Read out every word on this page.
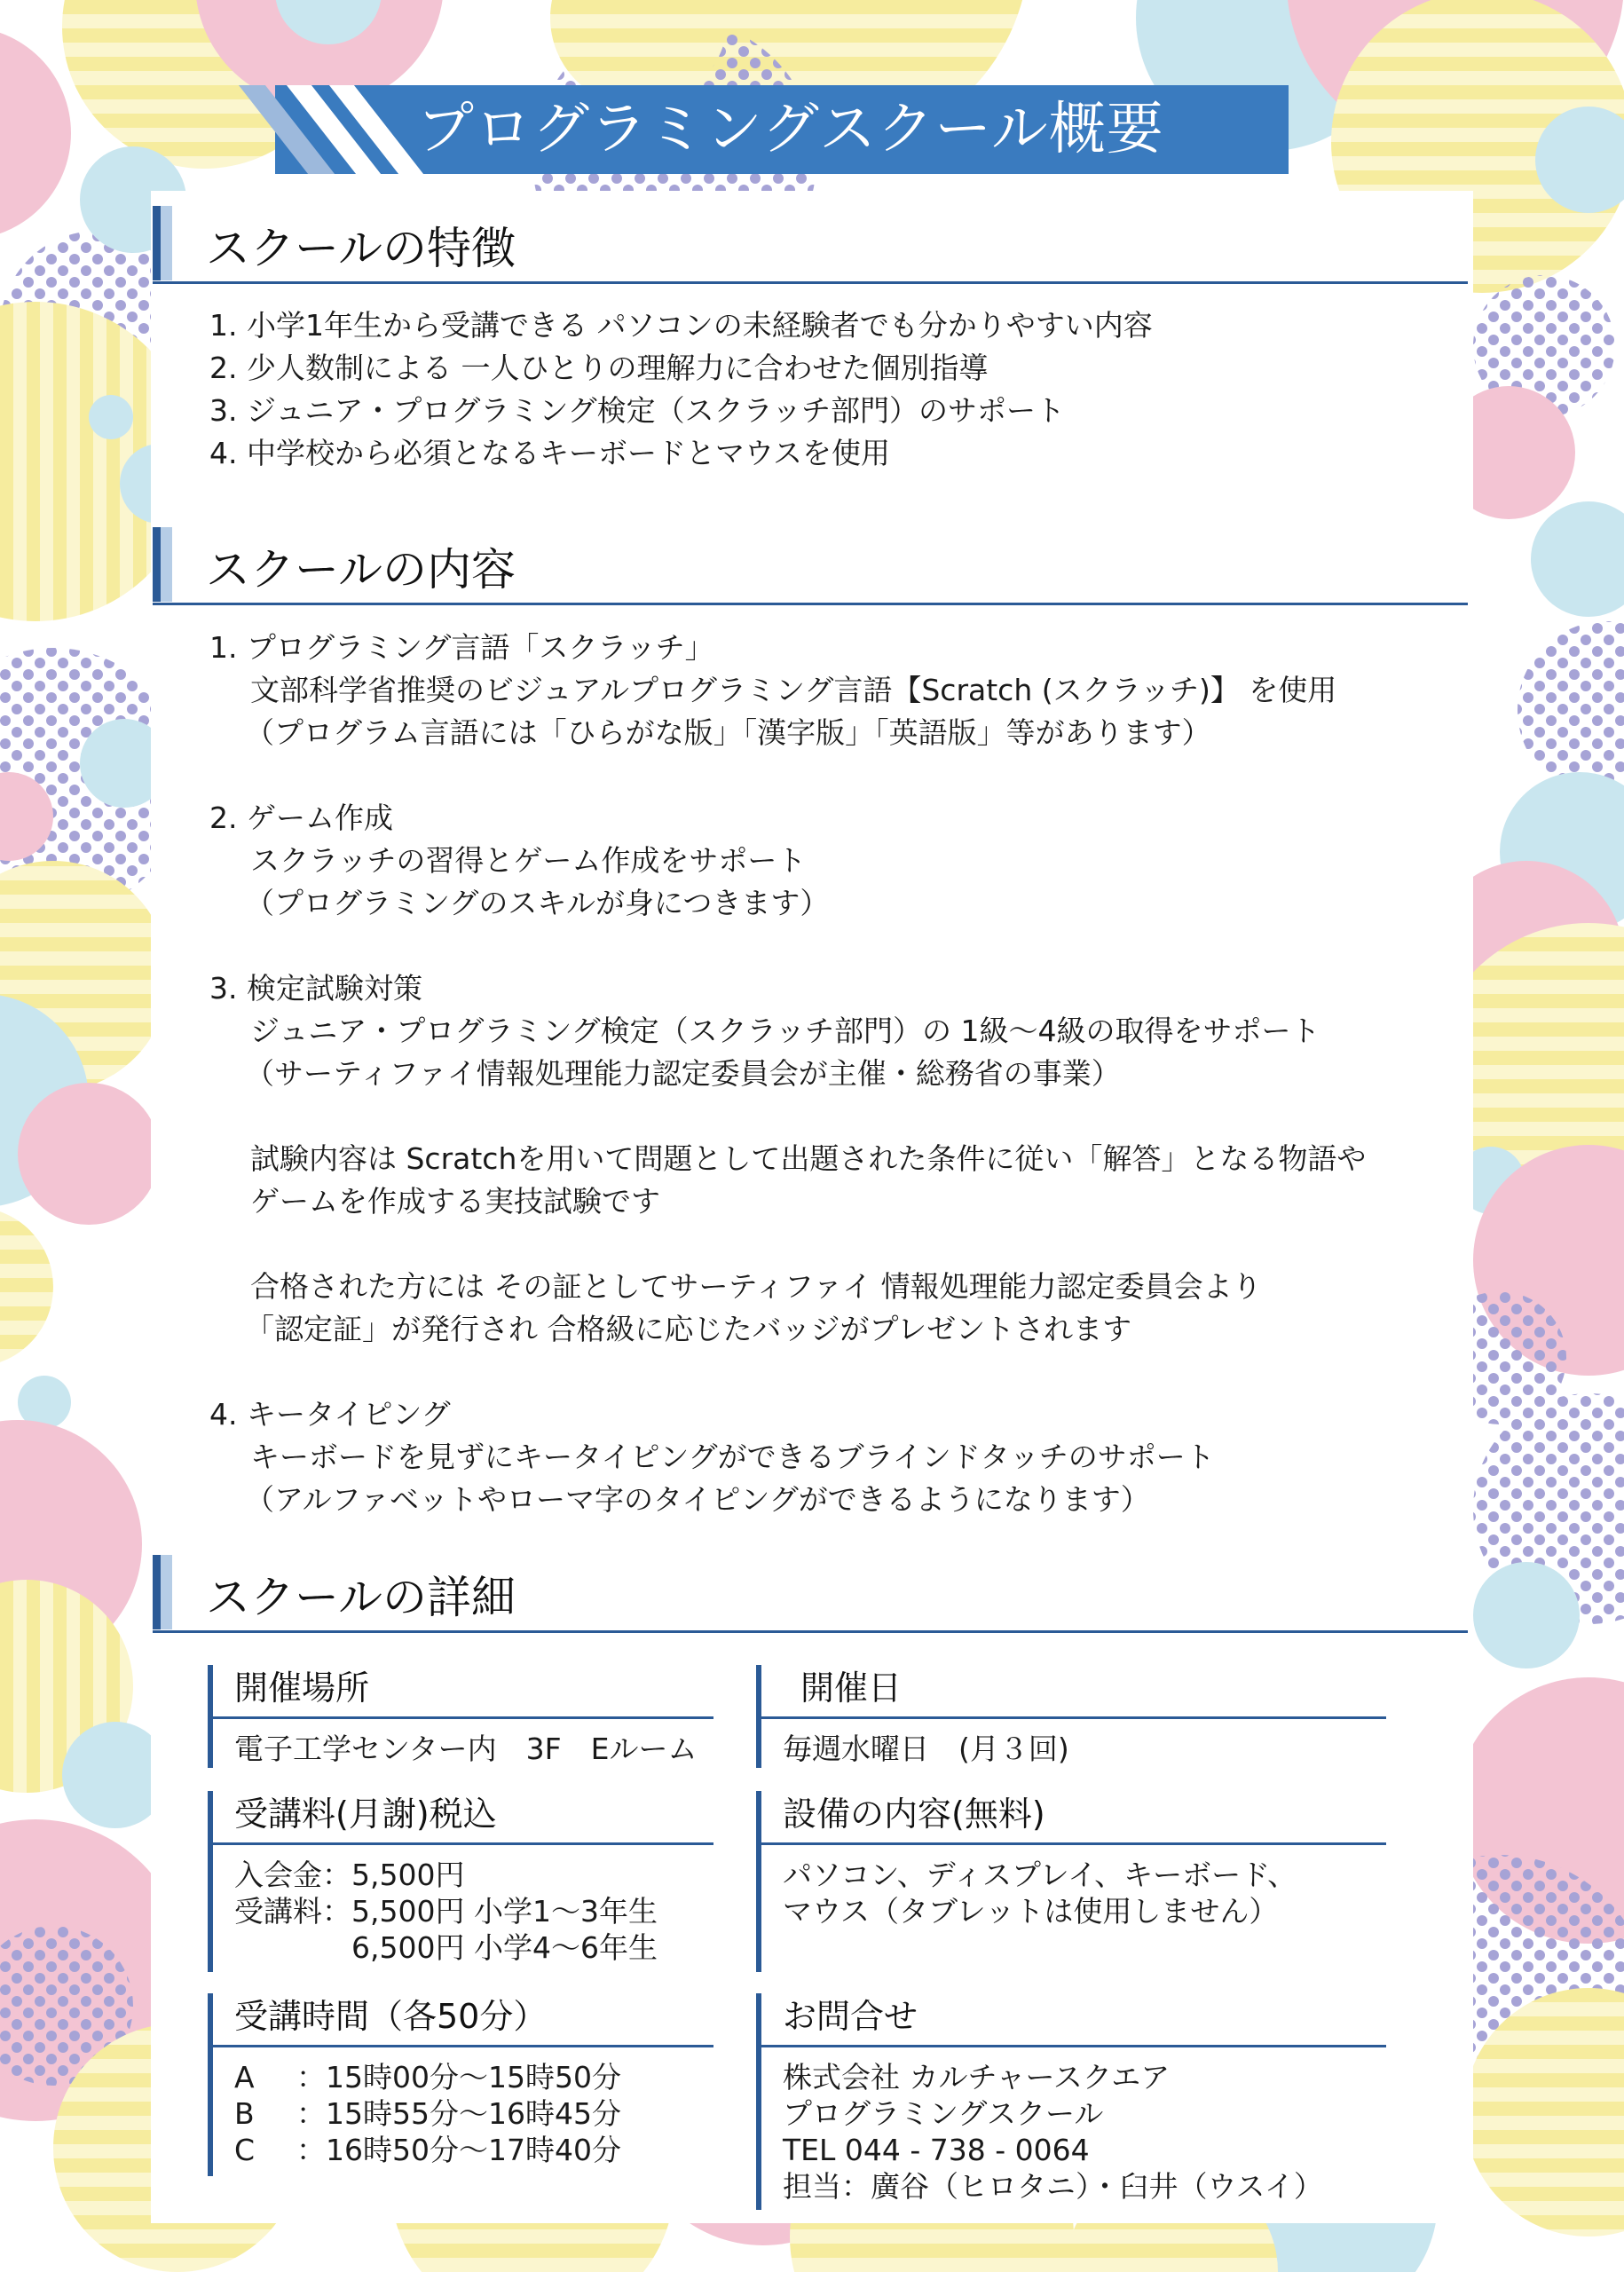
プログラミングスクール概要
スクールの特徴
1. 小学1年生から受講できる パソコンの未経験者でも分かりやすい内容
2. 少人数制による 一人ひとりの理解力に合わせた個別指導
3. ジュニア・プログラミング検定（スクラッチ部門）のサポート
4. 中学校から必須となるキーボードとマウスを使用
スクールの内容
1. プログラミング言語「スクラッチ」
文部科学省推奨のビジュアルプログラミング言語【Scratch (スクラッチ)】 を使用
（プログラム言語には「ひらがな版」「漢字版」「英語版」等があります）
2. ゲーム作成
スクラッチの習得とゲーム作成をサポート
（プログラミングのスキルが身につきます）
3. 検定試験対策
ジュニア・プログラミング検定（スクラッチ部門）の 1級〜4級の取得をサポート
（サーティファイ情報処理能力認定委員会が主催・総務省の事業）
試験内容は Scratchを用いて問題として出題された条件に従い「解答」となる物語や
ゲームを作成する実技試験です
合格された方には その証としてサーティファイ 情報処理能力認定委員会より
「認定証」が発行され 合格級に応じたバッジがプレゼントされます
4. キータイピング
キーボードを見ずにキータイピングができるブラインドタッチのサポート
（アルファベットやローマ字のタイピングができるようになります）
スクールの詳細
開催場所
電子工学センター内　3F　Eルーム
開催日
毎週水曜日　(月３回)
受講料(月謝)税込
入会金： 5,500円
受講料： 5,500円 小学1〜3年生
6,500円 小学4〜6年生
設備の内容(無料)
パソコン、ディスプレイ、キーボード、
マウス（タブレットは使用しません）
受講時間（各50分）
A	：15時00分〜15時50分
B	：15時55分〜16時45分
C	：16時50分〜17時40分
お問合せ
株式会社 カルチャースクエア
プログラミングスクール
TEL 044 - 738 - 0064
担当：廣谷（ヒロタニ）・臼井（ウスイ）
